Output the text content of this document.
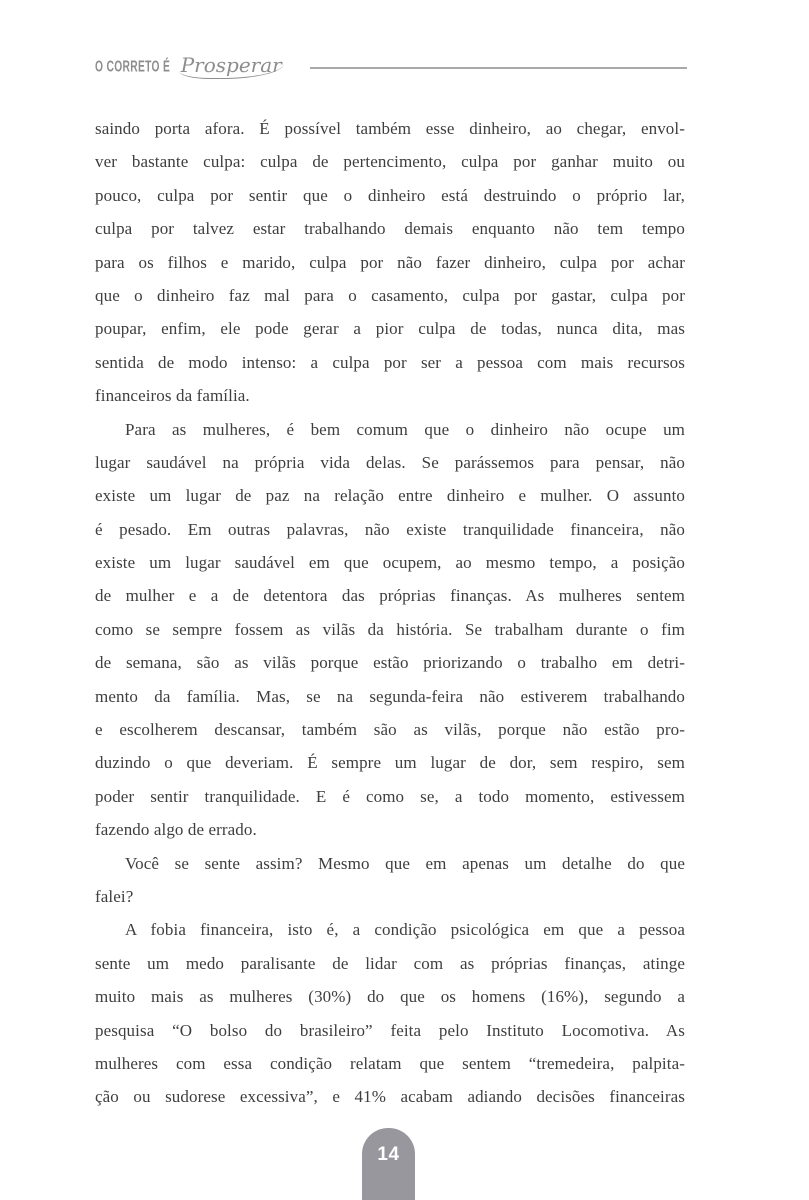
O CORRETO É Prosperar
saindo porta afora. É possível também esse dinheiro, ao chegar, envol-
ver bastante culpa: culpa de pertencimento, culpa por ganhar muito ou
pouco, culpa por sentir que o dinheiro está destruindo o próprio lar,
culpa por talvez estar trabalhando demais enquanto não tem tempo
para os filhos e marido, culpa por não fazer dinheiro, culpa por achar
que o dinheiro faz mal para o casamento, culpa por gastar, culpa por
poupar, enfim, ele pode gerar a pior culpa de todas, nunca dita, mas
sentida de modo intenso: a culpa por ser a pessoa com mais recursos
financeiros da família.
Para as mulheres, é bem comum que o dinheiro não ocupe um
lugar saudável na própria vida delas. Se parássemos para pensar, não
existe um lugar de paz na relação entre dinheiro e mulher. O assunto
é pesado. Em outras palavras, não existe tranquilidade financeira, não
existe um lugar saudável em que ocupem, ao mesmo tempo, a posição
de mulher e a de detentora das próprias finanças. As mulheres sentem
como se sempre fossem as vilãs da história. Se trabalham durante o fim
de semana, são as vilãs porque estão priorizando o trabalho em detri-
mento da família. Mas, se na segunda-feira não estiverem trabalhando
e escolherem descansar, também são as vilãs, porque não estão pro-
duzindo o que deveriam. É sempre um lugar de dor, sem respiro, sem
poder sentir tranquilidade. E é como se, a todo momento, estivessem
fazendo algo de errado.
Você se sente assim? Mesmo que em apenas um detalhe do que
falei?
A fobia financeira, isto é, a condição psicológica em que a pessoa
sente um medo paralisante de lidar com as próprias finanças, atinge
muito mais as mulheres (30%) do que os homens (16%), segundo a
pesquisa “O bolso do brasileiro” feita pelo Instituto Locomotiva. As
mulheres com essa condição relatam que sentem “tremedeira, palpita-
ção ou sudorese excessiva”, e 41% acabam adiando decisões financeiras
14
